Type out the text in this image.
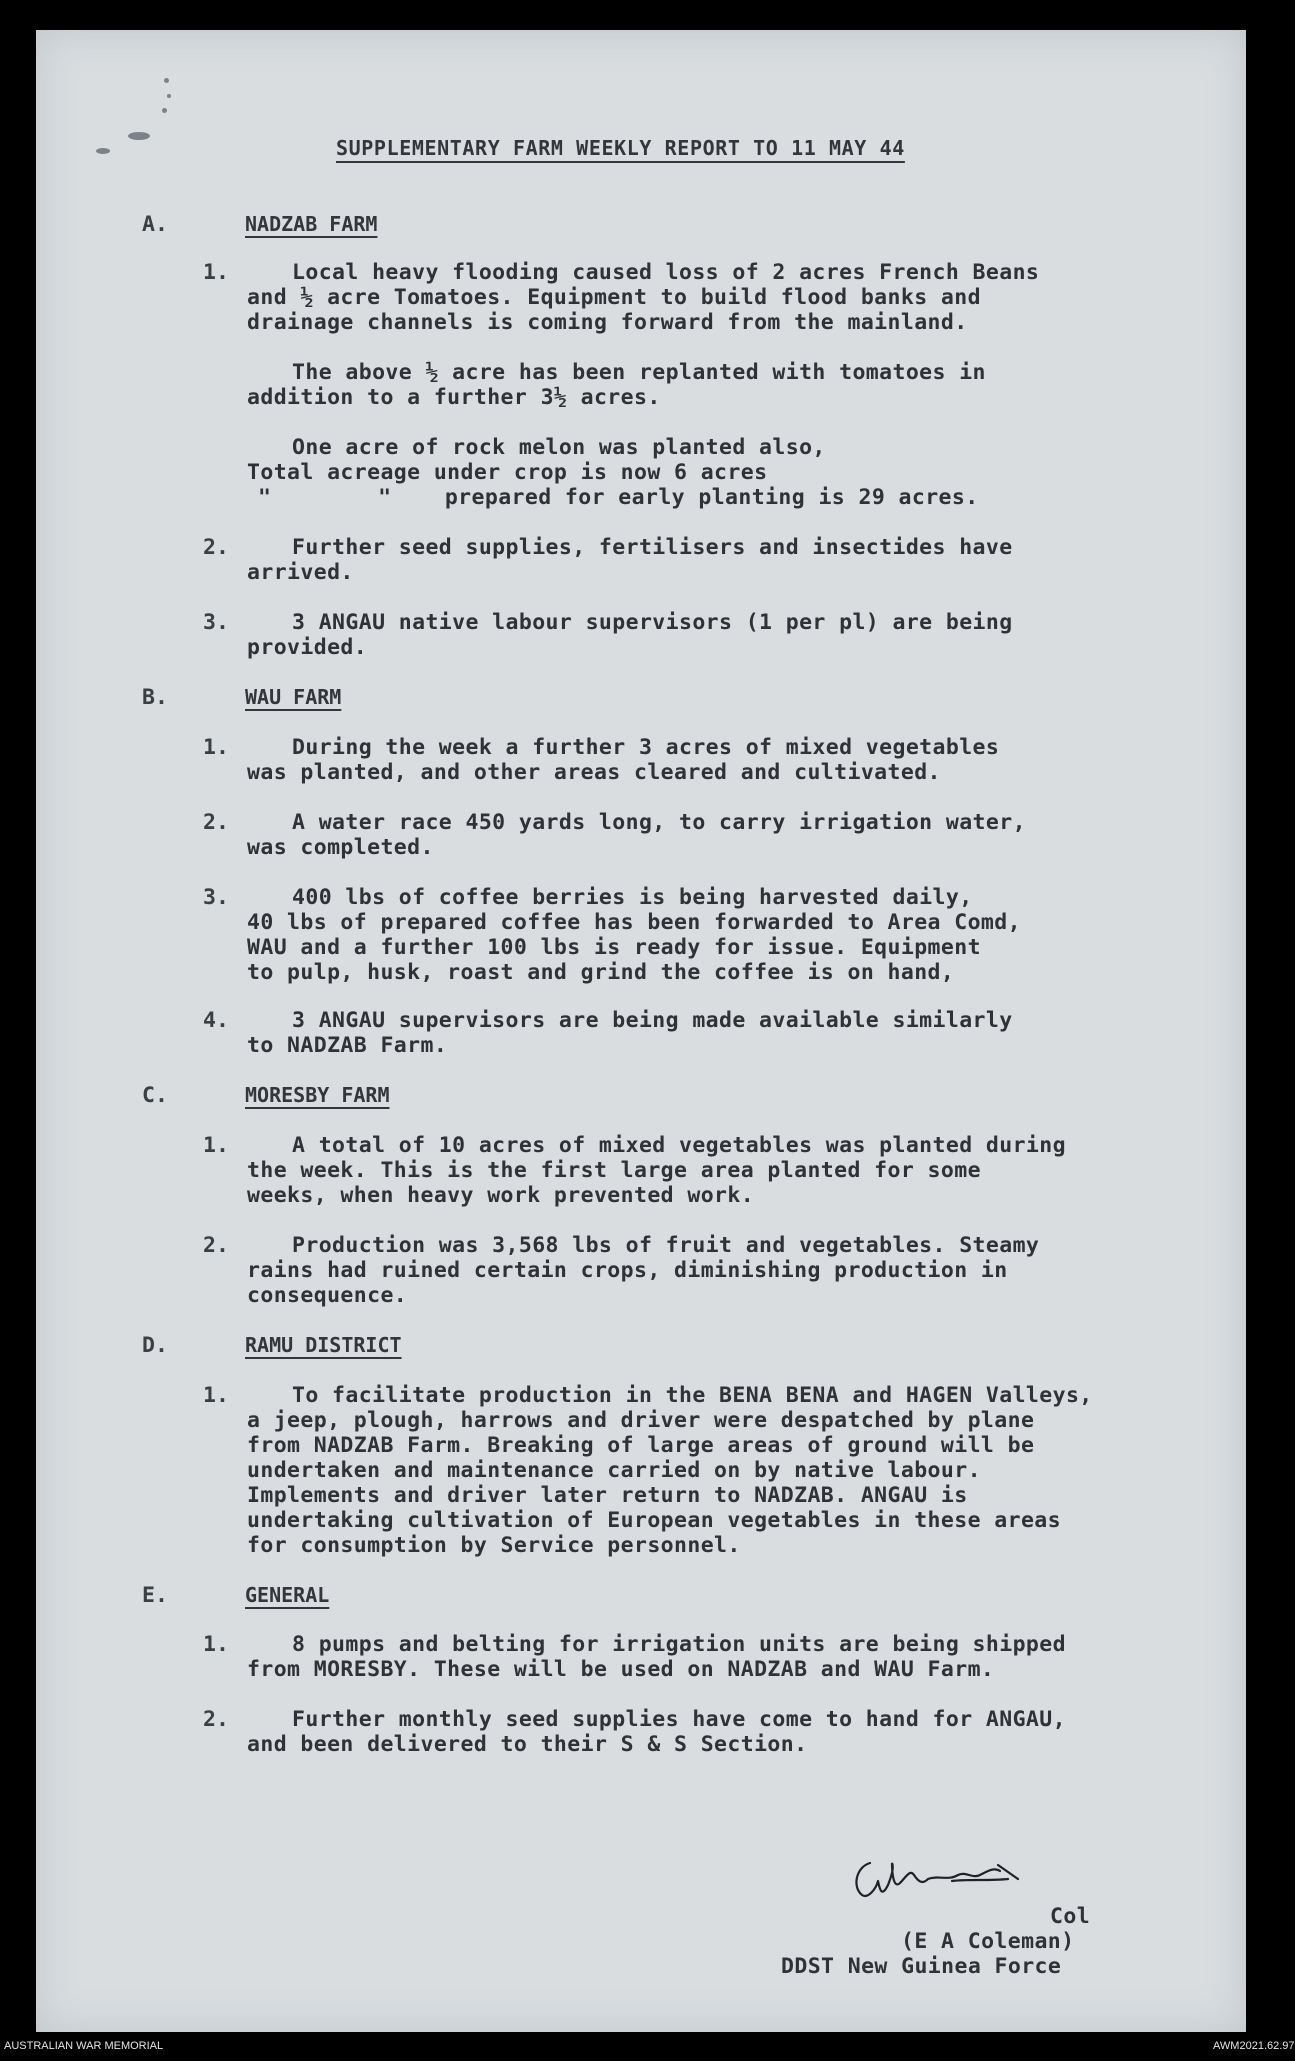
SUPPLEMENTARY FARM WEEKLY REPORT TO 11 MAY 44
A.	NADZAB FARM
1.	Local heavy flooding caused loss of 2 acres French Beans
and ½ acre Tomatoes. Equipment to build flood banks and
drainage channels is coming forward from the mainland.
The above ½ acre has been replanted with tomatoes in
addition to a further 3½ acres.
One acre of rock melon was planted also,
Total acreage under crop is now 6 acres
"        "    prepared for early planting is 29 acres.
2.	Further seed supplies, fertilisers and insectides have
arrived.
3.	3 ANGAU native labour supervisors (1 per pl) are being
provided.
B.	WAU FARM
1.	During the week a further 3 acres of mixed vegetables
was planted, and other areas cleared and cultivated.
2.	A water race 450 yards long, to carry irrigation water,
was completed.
3.	400 lbs of coffee berries is being harvested daily,
40 lbs of prepared coffee has been forwarded to Area Comd,
WAU and a further 100 lbs is ready for issue. Equipment
to pulp, husk, roast and grind the coffee is on hand,
4.	3 ANGAU supervisors are being made available similarly
to NADZAB Farm.
C.	MORESBY FARM
1.	A total of 10 acres of mixed vegetables was planted during
the week. This is the first large area planted for some
weeks, when heavy work prevented work.
2.	Production was 3,568 lbs of fruit and vegetables. Steamy
rains had ruined certain crops, diminishing production in
consequence.
D.	RAMU DISTRICT
1.	To facilitate production in the BENA BENA and HAGEN Valleys,
a jeep, plough, harrows and driver were despatched by plane
from NADZAB Farm. Breaking of large areas of ground will be
undertaken and maintenance carried on by native labour.
Implements and driver later return to NADZAB. ANGAU is
undertaking cultivation of European vegetables in these areas
for consumption by Service personnel.
E.	GENERAL
1.	8 pumps and belting for irrigation units are being shipped
from MORESBY. These will be used on NADZAB and WAU Farm.
2.	Further monthly seed supplies have come to hand for ANGAU,
and been delivered to their S & S Section.
Col
(E A Coleman)
DDST New Guinea Force
AUSTRALIAN WAR MEMORIAL	AWM2021.62.97
